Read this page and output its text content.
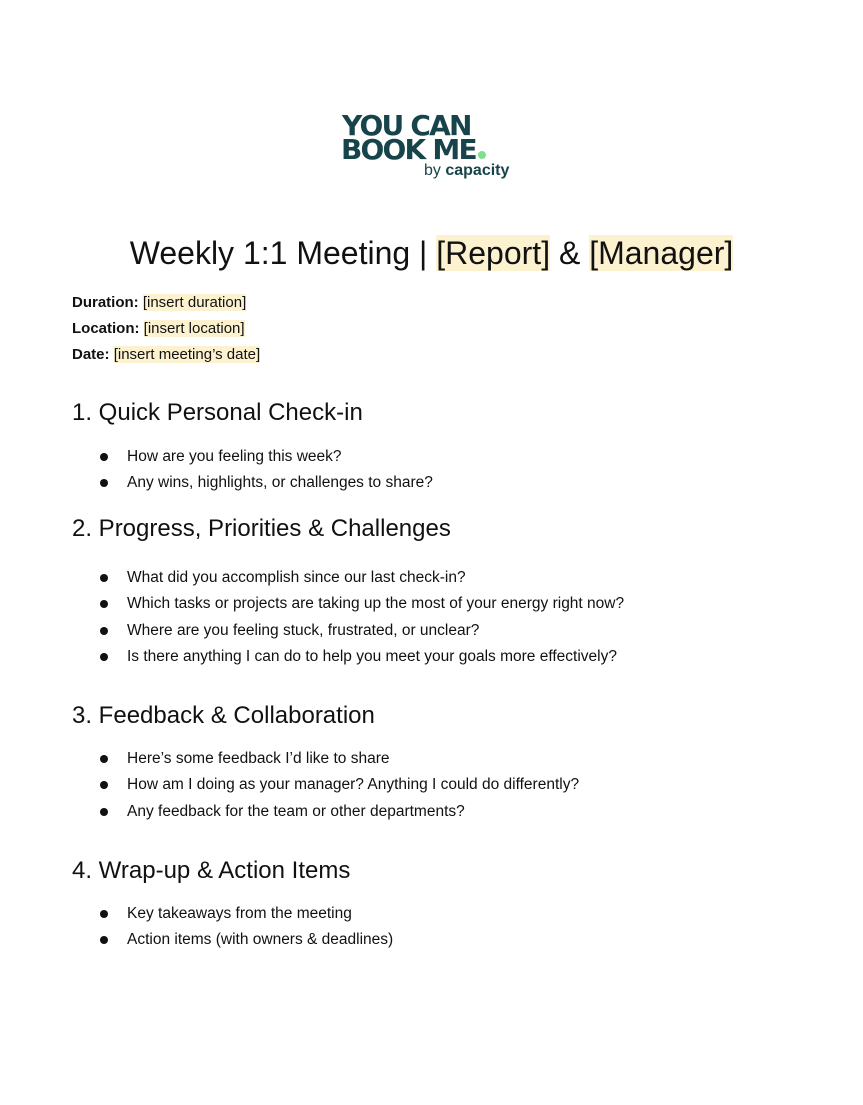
YOU CAN
BOOK ME
by capacity
Weekly 1:1 Meeting | [Report] & [Manager]
Duration: [insert duration]
Location: [insert location]
Date: [insert meeting’s date]
1. Quick Personal Check-in
How are you feeling this week?
Any wins, highlights, or challenges to share?
2. Progress, Priorities & Challenges
What did you accomplish since our last check-in?
Which tasks or projects are taking up the most of your energy right now?
Where are you feeling stuck, frustrated, or unclear?
Is there anything I can do to help you meet your goals more effectively?
3. Feedback & Collaboration
Here’s some feedback I’d like to share
How am I doing as your manager? Anything I could do differently?
Any feedback for the team or other departments?
4. Wrap-up & Action Items
Key takeaways from the meeting
Action items (with owners & deadlines)
